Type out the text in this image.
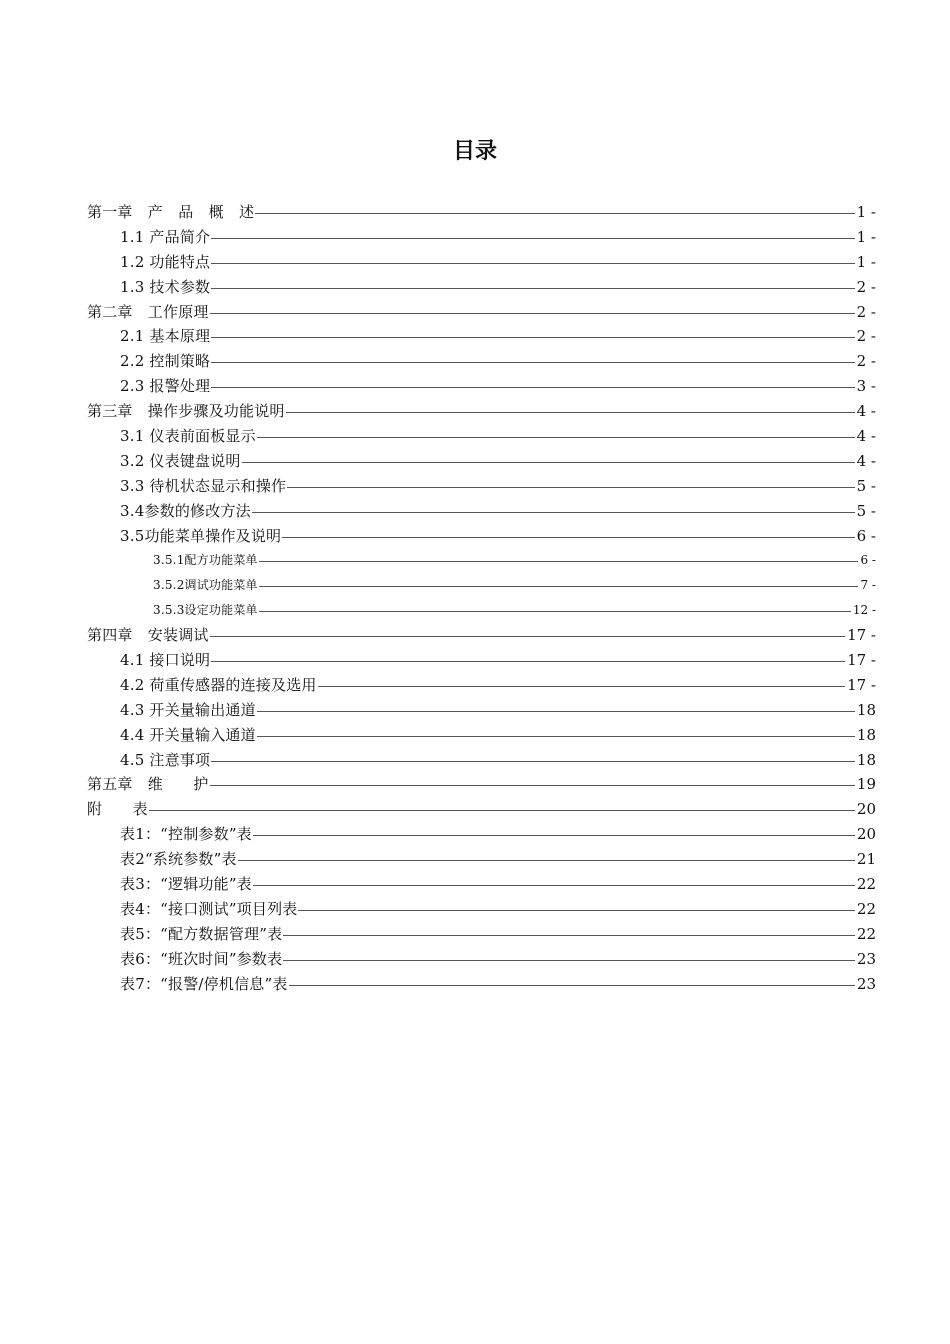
目录
第一章　产　品　概　述	1 -
1.1 产品简介	1 -
1.2 功能特点	1 -
1.3 技术参数	2 -
第二章　工作原理	2 -
2.1 基本原理	2 -
2.2 控制策略	2 -
2.3 报警处理	3 -
第三章　操作步骤及功能说明	4 -
3.1 仪表前面板显示	4 -
3.2 仪表键盘说明	4 -
3.3 待机状态显示和操作	5 -
3.4参数的修改方法	5 -
3.5功能菜单操作及说明	6 -
3.5.1配方功能菜单	6 -
3.5.2调试功能菜单	7 -
3.5.3设定功能菜单	12 -
第四章　安装调试	17 -
4.1 接口说明	17 -
4.2 荷重传感器的连接及选用	17 -
4.3 开关量输出通道	18
4.4 开关量输入通道	18
4.5 注意事项	18
第五章　维　　护	19
附　　表	20
表1：“控制参数”表	20
表2“系统参数”表	21
表3：“逻辑功能”表	22
表4：“接口测试”项目列表	22
表5：“配方数据管理”表	22
表6：“班次时间”参数表	23
表7：“报警/停机信息”表	23
